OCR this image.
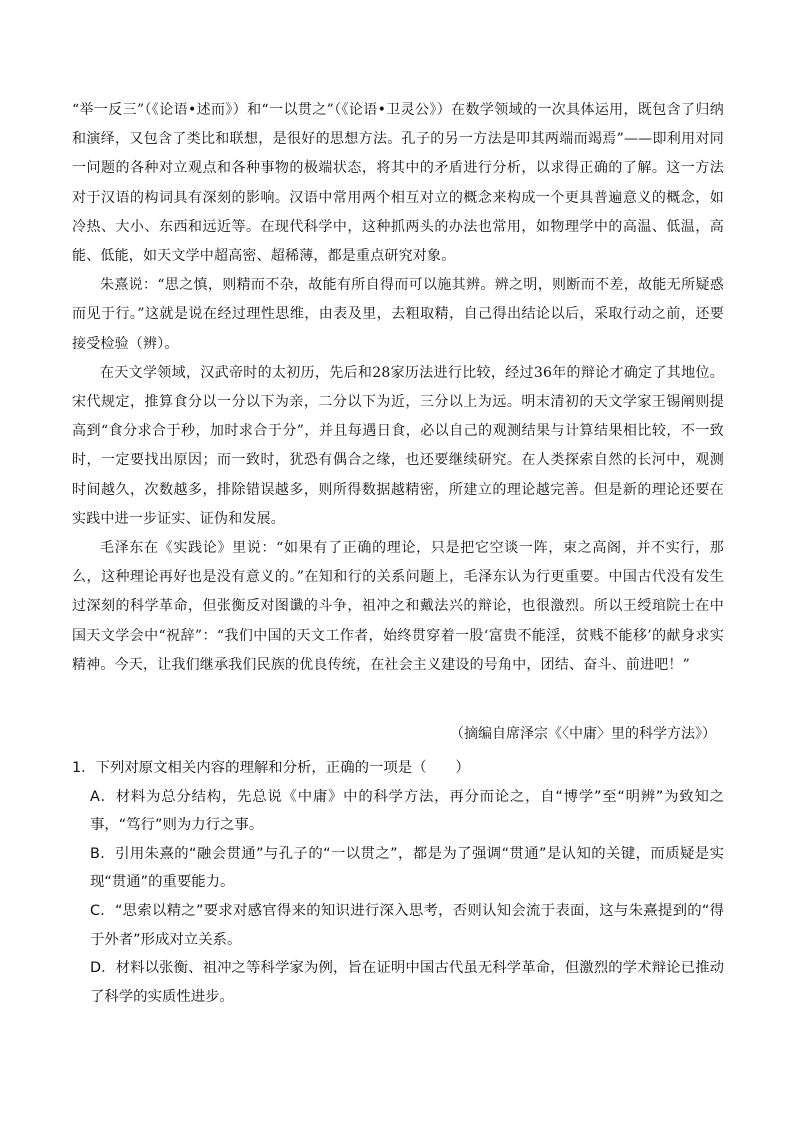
“举一反三”（《论语•述而》）和“一以贯之”（《论语•卫灵公》）在数学领域的一次具体运用，既包含了归纳和演绎，又包含了类比和联想，是很好的思想方法。孔子的另一方法是叩其两端而竭焉”——即利用对同一问题的各种对立观点和各种事物的极端状态，将其中的矛盾进行分析，以求得正确的了解。这一方法对于汉语的构词具有深刻的影响。汉语中常用两个相互对立的概念来构成一个更具普遍意义的概念，如冷热、大小、东西和远近等。在现代科学中，这种抓两头的办法也常用，如物理学中的高温、低温，高能、低能，如天文学中超高密、超稀薄，都是重点研究对象。

朱熹说：“思之慎，则精而不杂，故能有所自得而可以施其辨。辨之明，则断而不差，故能无所疑惑而见于行。”这就是说在经过理性思维，由表及里，去粗取精，自己得出结论以后，采取行动之前，还要接受检验（辨）。

在天文学领域，汉武帝时的太初历，先后和28家历法进行比较，经过36年的辩论才确定了其地位。宋代规定，推算食分以一分以下为亲，二分以下为近，三分以上为远。明末清初的天文学家王锡阐则提高到“食分求合于秒，加时求合于分”，并且每遇日食，必以自己的观测结果与计算结果相比较，不一致时，一定要找出原因；而一致时，犹恐有偶合之缘，也还要继续研究。在人类探索自然的长河中，观测时间越久，次数越多，排除错误越多，则所得数据越精密，所建立的理论越完善。但是新的理论还要在实践中进一步证实、证伪和发展。

毛泽东在《实践论》里说：“如果有了正确的理论，只是把它空谈一阵，束之高阁，并不实行，那么，这种理论再好也是没有意义的。”在知和行的关系问题上，毛泽东认为行更重要。中国古代没有发生过深刻的科学革命，但张衡反对图谶的斗争，祖冲之和戴法兴的辩论，也很激烈。所以王绶琯院士在中国天文学会中“祝辞”：“我们中国的天文工作者，始终贯穿着一股‘富贵不能淫，贫贱不能移’的献身求实精神。今天，让我们继承我们民族的优良传统，在社会主义建设的号角中，团结、奋斗、前进吧！”

（摘编自席泽宗《〈中庸〉里的科学方法》）

1．下列对原文相关内容的理解和分析，正确的一项是（　　）

A．材料为总分结构，先总说《中庸》中的科学方法，再分而论之，自“博学”至“明辨”为致知之事，“笃行”则为力行之事。

B．引用朱熹的“融会贯通”与孔子的“一以贯之”，都是为了强调“贯通”是认知的关键，而质疑是实现“贯通”的重要能力。

C．“思索以精之”要求对感官得来的知识进行深入思考，否则认知会流于表面，这与朱熹提到的“得于外者”形成对立关系。

D．材料以张衡、祖冲之等科学家为例，旨在证明中国古代虽无科学革命，但激烈的学术辩论已推动了科学的实质性进步。
